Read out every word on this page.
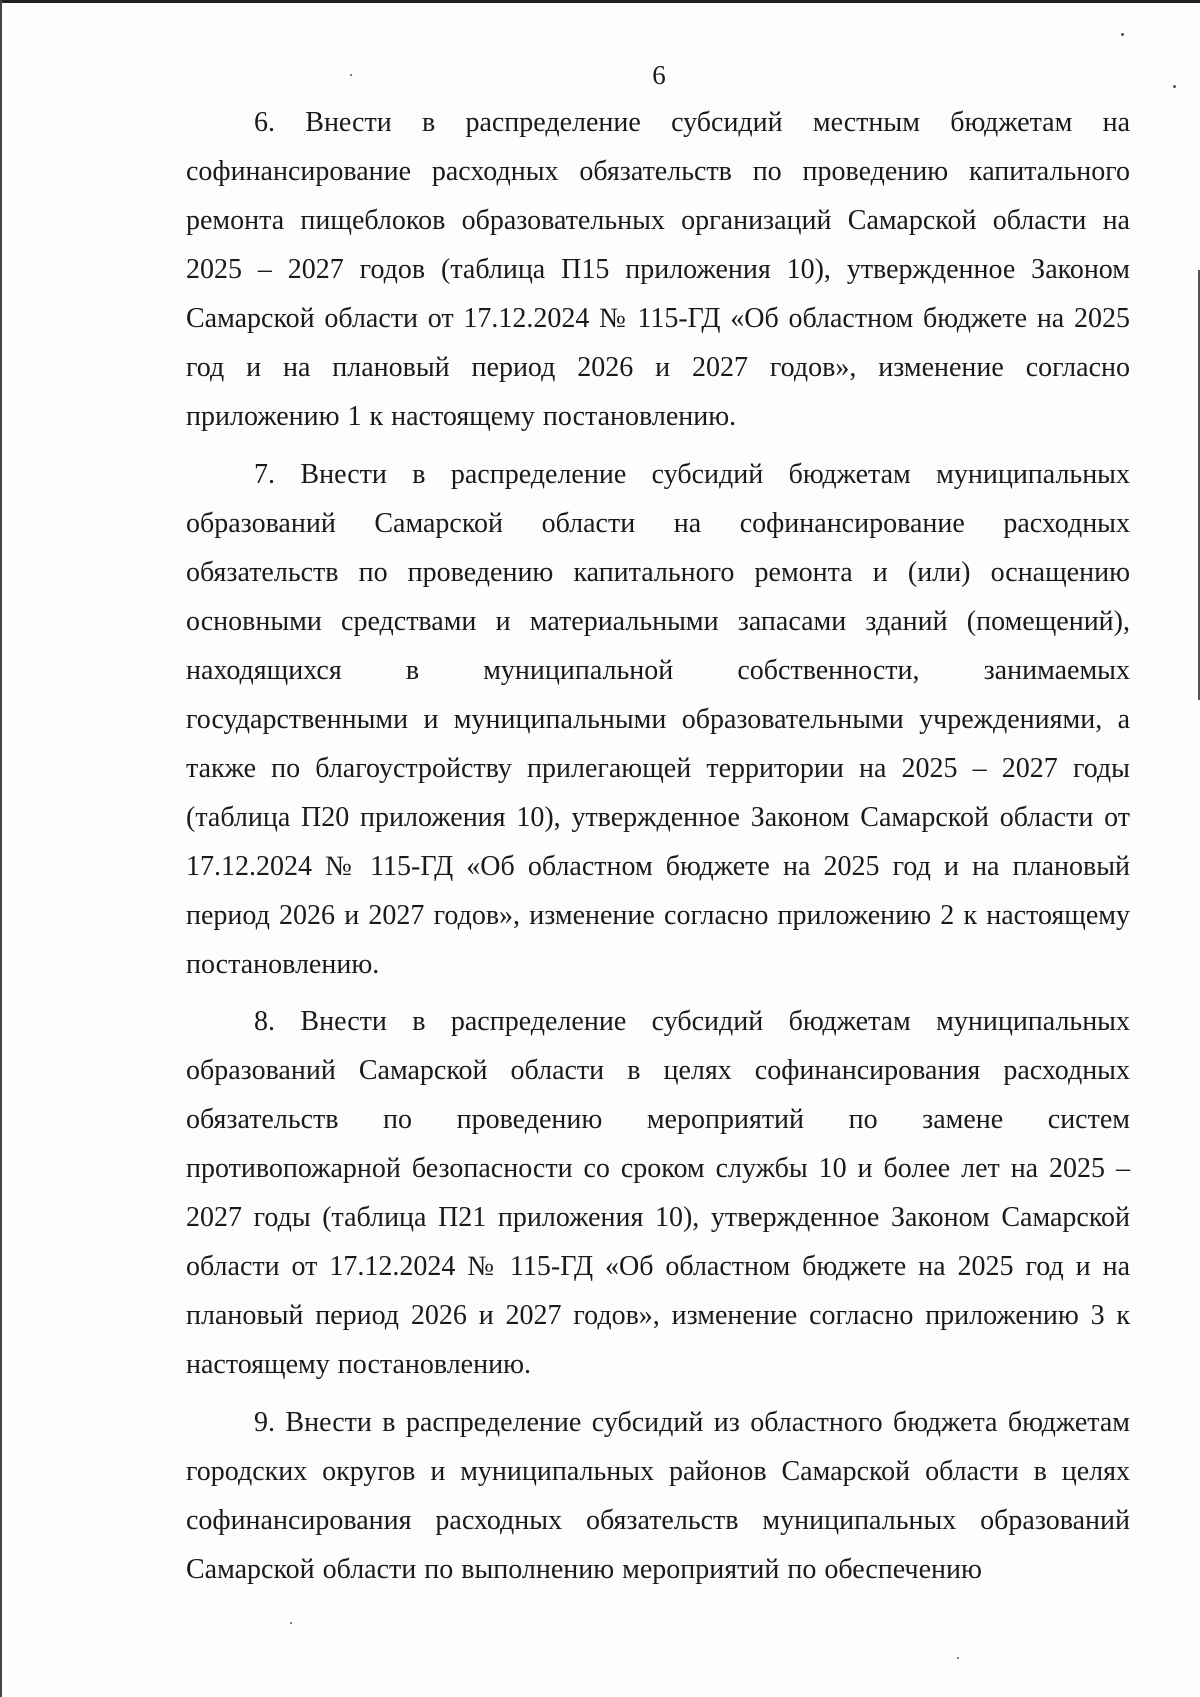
6

6. Внести в распределение субсидий местным бюджетам на софинансирование расходных обязательств по проведению капитального ремонта пищеблоков образовательных организаций Самарской области на 2025 – 2027 годов (таблица П15 приложения 10), утвержденное Законом Самарской области от 17.12.2024 № 115-ГД «Об областном бюджете на 2025 год и на плановый период 2026 и 2027 годов», изменение согласно приложению 1 к настоящему постановлению.

7. Внести в распределение субсидий бюджетам муниципальных образований Самарской области на софинансирование расходных обязательств по проведению капитального ремонта и (или) оснащению основными средствами и материальными запасами зданий (помещений), находящихся в муниципальной собственности, занимаемых государственными и муниципальными образовательными учреждениями, а также по благоустройству прилегающей территории на 2025 – 2027 годы (таблица П20 приложения 10), утвержденное Законом Самарской области от 17.12.2024 № 115-ГД «Об областном бюджете на 2025 год и на плановый период 2026 и 2027 годов», изменение согласно приложению 2 к настоящему постановлению.

8. Внести в распределение субсидий бюджетам муниципальных образований Самарской области в целях софинансирования расходных обязательств по проведению мероприятий по замене систем противопожарной безопасности со сроком службы 10 и более лет на 2025 – 2027 годы (таблица П21 приложения 10), утвержденное Законом Самарской области от 17.12.2024 № 115-ГД «Об областном бюджете на 2025 год и на плановый период 2026 и 2027 годов», изменение согласно приложению 3 к настоящему постановлению.

9. Внести в распределение субсидий из областного бюджета бюджетам городских округов и муниципальных районов Самарской области в целях софинансирования расходных обязательств муниципальных образований Самарской области по выполнению мероприятий по обеспечению
